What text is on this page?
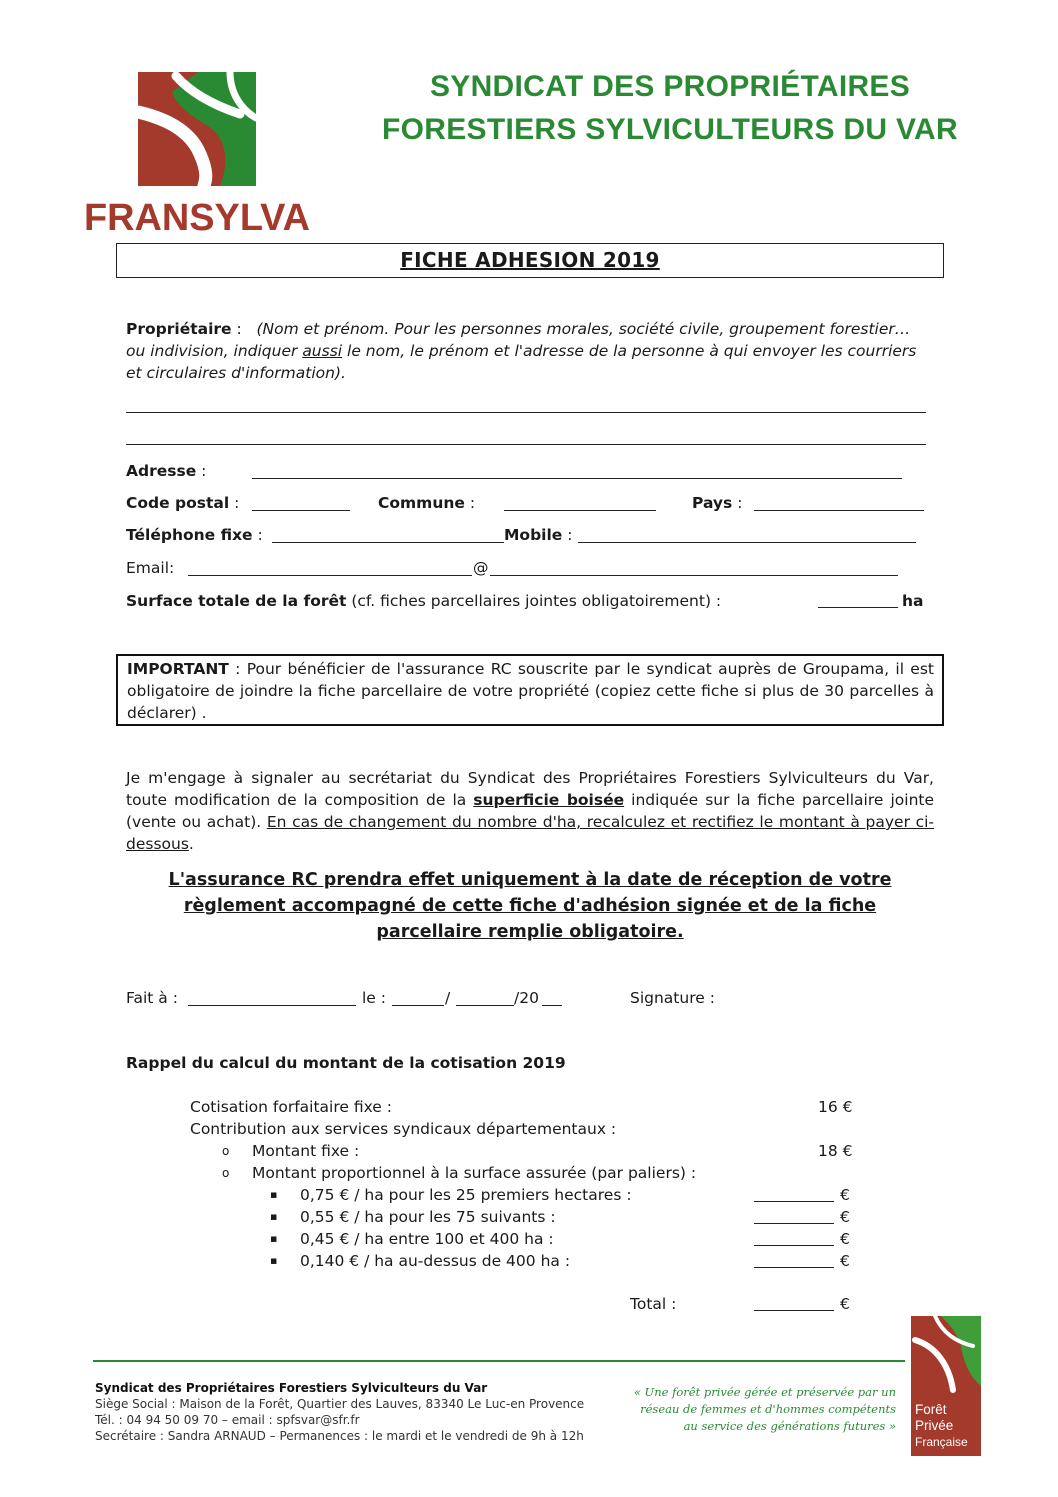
FRANSYLVA
SYNDICAT DES PROPRIÉTAIRES
FORESTIERS SYLVICULTEURS DU VAR
FICHE ADHESION 2019
Propriétaire : (Nom et prénom. Pour les personnes morales, société civile, groupement forestier… ou indivision, indiquer aussi le nom, le prénom et l'adresse de la personne à qui envoyer les courriers et circulaires d'information).
Adresse :
Code postal :	Commune :	Pays :
Téléphone fixe :	Mobile :
Email:	@
Surface totale de la forêt (cf. fiches parcellaires jointes obligatoirement) :	ha
IMPORTANT : Pour bénéficier de l'assurance RC souscrite par le syndicat auprès de Groupama, il est obligatoire de joindre la fiche parcellaire de votre propriété (copiez cette fiche si plus de 30 parcelles à déclarer) .
Je m'engage à signaler au secrétariat du Syndicat des Propriétaires Forestiers Sylviculteurs du Var, toute modification de la composition de la superficie boisée indiquée sur la fiche parcellaire jointe (vente ou achat). En cas de changement du nombre d'ha, recalculez et rectifiez le montant à payer ci-dessous.
L'assurance RC prendra effet uniquement à la date de réception de votre règlement accompagné de cette fiche d'adhésion signée et de la fiche parcellaire remplie obligatoire.
Fait à :	le :	/	/20	Signature :
Rappel du calcul du montant de la cotisation 2019
Cotisation forfaitaire fixe :	16 €
Contribution aux services syndicaux départementaux :
o Montant fixe :	18 €
o Montant proportionnel à la surface assurée (par paliers) :
▪ 0,75 € / ha pour les 25 premiers hectares :	€
▪ 0,55 € / ha pour les 75 suivants :	€
▪ 0,45 € / ha entre 100 et 400 ha :	€
▪ 0,140 € / ha au-dessus de 400 ha :	€
Total :	€
Syndicat des Propriétaires Forestiers Sylviculteurs du Var
Siège Social : Maison de la Forêt, Quartier des Lauves, 83340 Le Luc-en Provence
Tél. : 04 94 50 09 70 – email : spfsvar@sfr.fr
Secrétaire : Sandra ARNAUD – Permanences : le mardi et le vendredi de 9h à 12h
« Une forêt privée gérée et préservée par un
réseau de femmes et d'hommes compétents
au service des générations futures »
Forêt
Privée
Française
